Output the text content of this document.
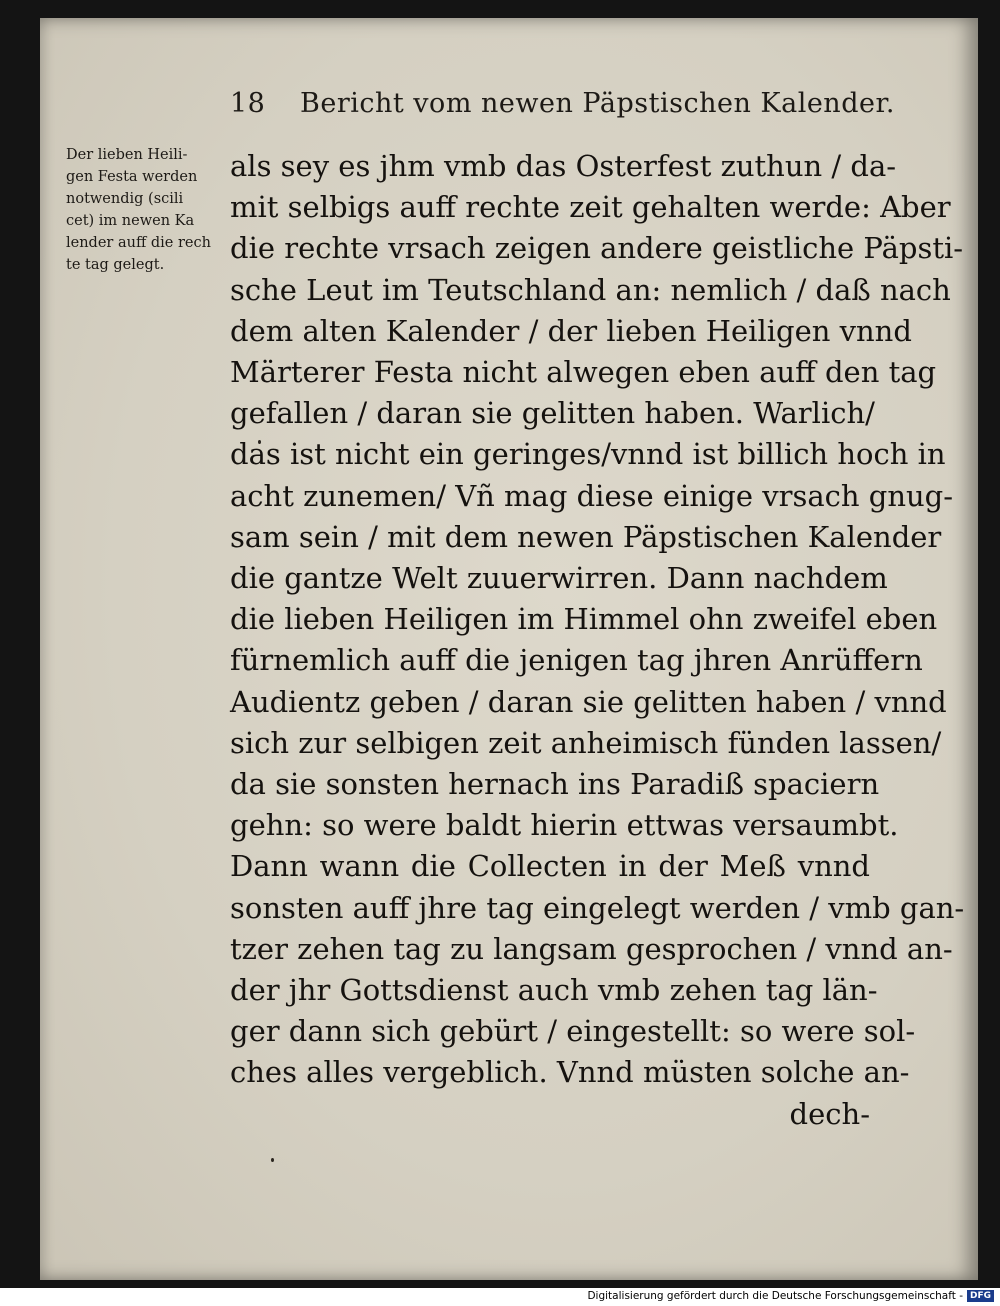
18 Bericht vom newen Päpstischen Kalender.
Der lieben Heili-
gen Festa werden
notwendig (scili
cet) im newen Ka
lender auff die rech
te tag gelegt.
als sey es jhm vmb das Osterfest zuthun / da-
mit selbigs auff rechte zeit gehalten werde: Aber
die rechte vrsach zeigen andere geistliche Päpsti-
sche Leut im Teutschland an: nemlich / daß nach
dem alten Kalender / der lieben Heiligen vnnd
Märterer Festa nicht alwegen eben auff den tag
gefallen / daran sie gelitten haben. Warlich/
das ist nicht ein geringes/vnnd ist billich hoch in
acht zunemen/ Vñ mag diese einige vrsach gnug-
sam sein / mit dem newen Päpstischen Kalender
die gantze Welt zuuerwirren. Dann nachdem
die lieben Heiligen im Himmel ohn zweifel eben
fürnemlich auff die jenigen tag jhren Anrüffern
Audientz geben / daran sie gelitten haben / vnnd
sich zur selbigen zeit anheimisch fünden lassen/
da sie sonsten hernach ins Paradiß spaciern
gehn: so were baldt hierin ettwas versaumbt.
Dann wann die Collecten in der Meß vnnd
sonsten auff jhre tag eingelegt werden / vmb gan-
tzer zehen tag zu langsam gesprochen / vnnd an-
der jhr Gottsdienst auch vmb zehen tag län-
ger dann sich gebürt / eingestellt: so were sol-
ches alles vergeblich. Vnnd müsten solche an-
dech-
Digitalisierung gefördert durch die Deutsche Forschungsgemeinschaft - DFG
